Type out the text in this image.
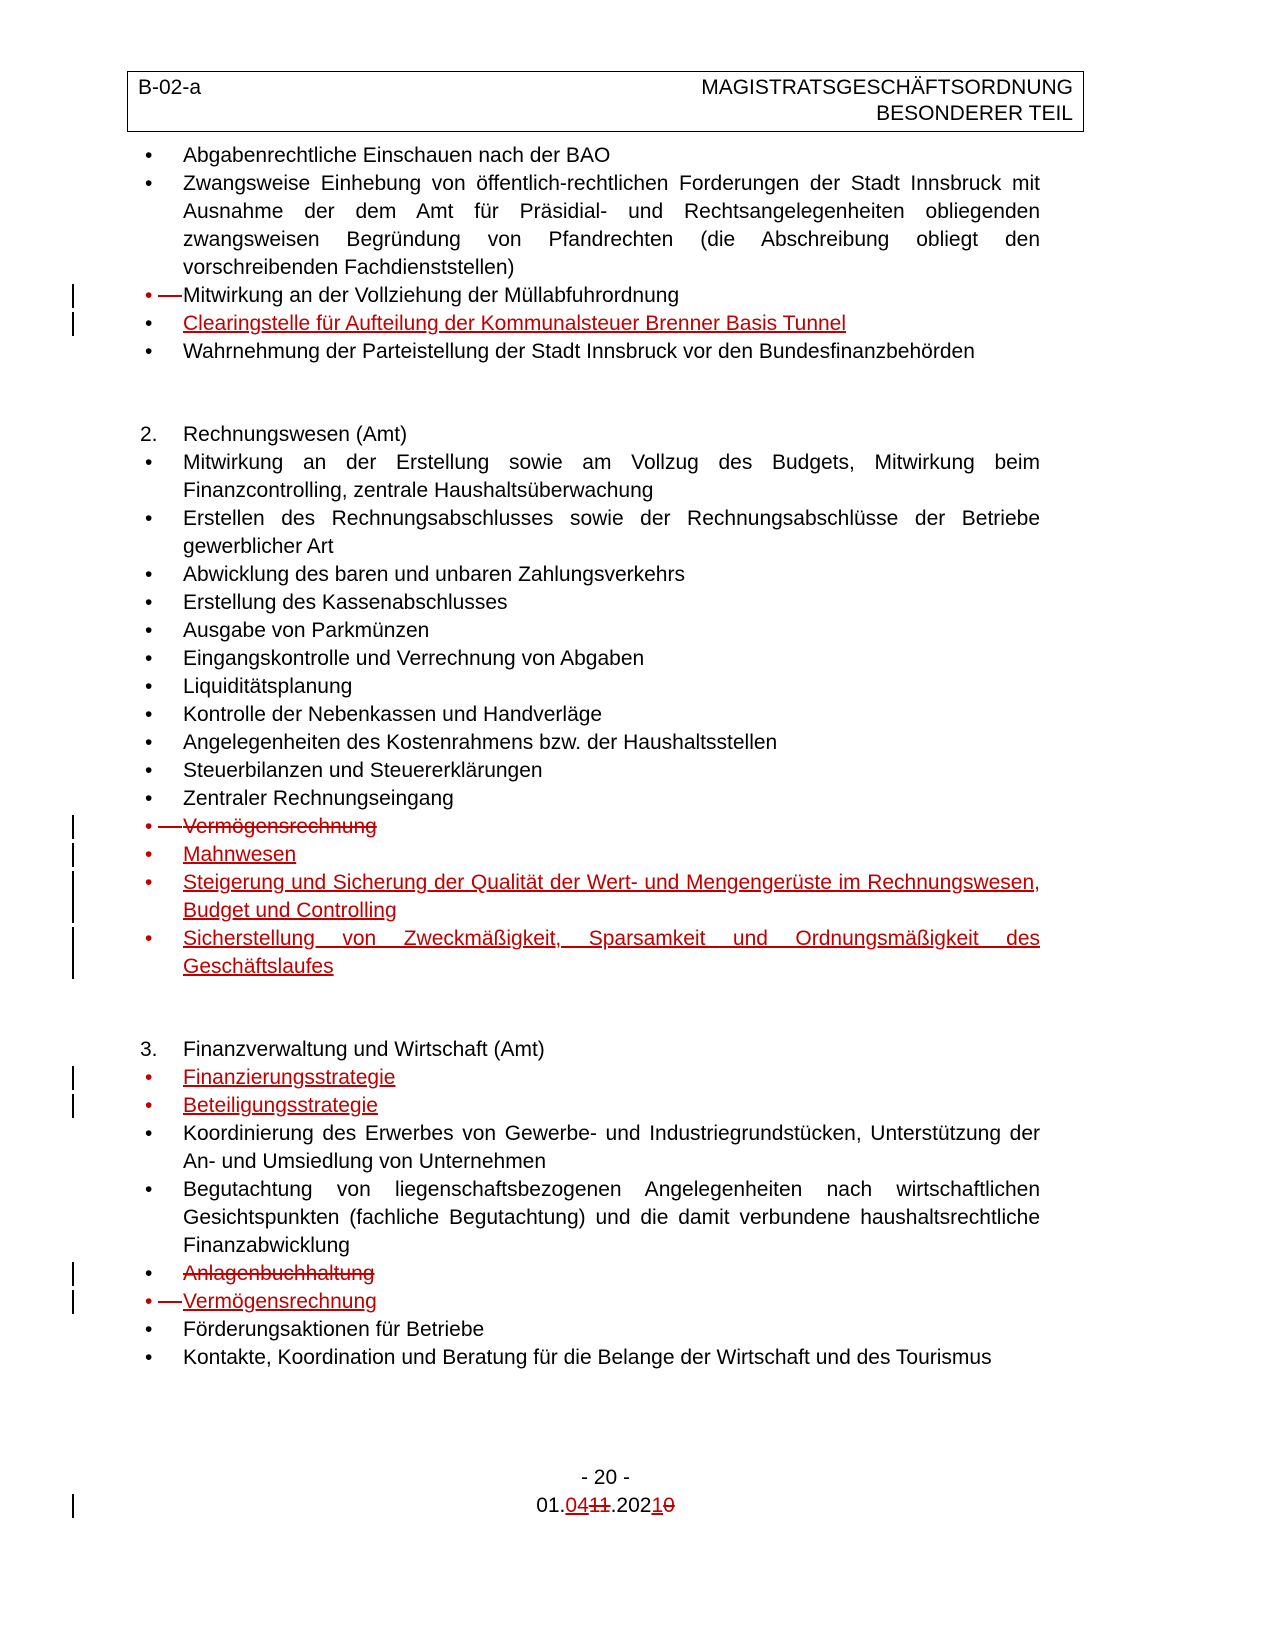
B-02-a	MAGISTRATSGESCHÄFTSORDNUNG
BESONDERER TEIL
• Abgabenrechtliche Einschauen nach der BAO
• Zwangsweise Einhebung von öffentlich-rechtlichen Forderungen der Stadt Innsbruck mit Ausnahme der dem Amt für Präsidial- und Rechtsangelegenheiten obliegenden zwangsweisen Begründung von Pfandrechten (die Abschreibung obliegt den vorschreibenden Fachdienststellen)
• Mitwirkung an der Vollziehung der Müllabfuhrordnung
• Clearingstelle für Aufteilung der Kommunalsteuer Brenner Basis Tunnel
• Wahrnehmung der Parteistellung der Stadt Innsbruck vor den Bundesfinanzbehörden
2. Rechnungswesen (Amt)
• Mitwirkung an der Erstellung sowie am Vollzug des Budgets, Mitwirkung beim Finanzcontrolling, zentrale Haushaltsüberwachung
• Erstellen des Rechnungsabschlusses sowie der Rechnungsabschlüsse der Betriebe gewerblicher Art
• Abwicklung des baren und unbaren Zahlungsverkehrs
• Erstellung des Kassenabschlusses
• Ausgabe von Parkmünzen
• Eingangskontrolle und Verrechnung von Abgaben
• Liquiditätsplanung
• Kontrolle der Nebenkassen und Handverläge
• Angelegenheiten des Kostenrahmens bzw. der Haushaltsstellen
• Steuerbilanzen und Steuererklärungen
• Zentraler Rechnungseingang
• Vermögensrechnung
• Mahnwesen
• Steigerung und Sicherung der Qualität der Wert- und Mengengerüste im Rechnungswesen, Budget und Controlling
• Sicherstellung von Zweckmäßigkeit, Sparsamkeit und Ordnungsmäßigkeit des Geschäftslaufes
3. Finanzverwaltung und Wirtschaft (Amt)
• Finanzierungsstrategie
• Beteiligungsstrategie
• Koordinierung des Erwerbes von Gewerbe- und Industriegrundstücken, Unterstützung der An- und Umsiedlung von Unternehmen
• Begutachtung von liegenschaftsbezogenen Angelegenheiten nach wirtschaftlichen Gesichtspunkten (fachliche Begutachtung) und die damit verbundene haushaltsrechtliche Finanzabwicklung
• Anlagenbuchhaltung
• Vermögensrechnung
• Förderungsaktionen für Betriebe
• Kontakte, Koordination und Beratung für die Belange der Wirtschaft und des Tourismus
- 20 -
01.0411.20210
